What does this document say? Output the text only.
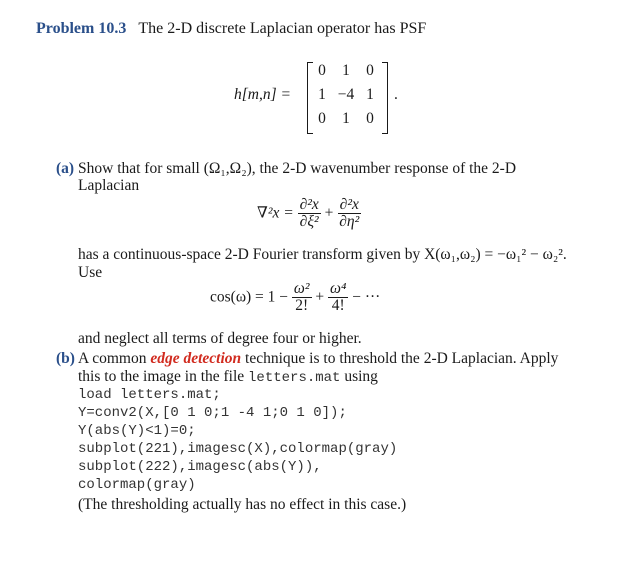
Problem 10.3 The 2-D discrete Laplacian operator has PSF
h[m,n] =
0	1	0
1 −4 1
0	1	0
.
(a) Show that for small (Ω₁,Ω₂), the 2-D wavenumber response of the 2-D
Laplacian
$\nabla^2x = \frac{\text{∂²x}}{\text{∂ξ²}} + \frac{\text{∂²x}}{\text{∂η²}}$
has a continuous-space 2-D Fourier transform given by X(ω₁,ω₂) = −ω₁² − ω₂².
Use
$\cos(\omega) = 1 - \frac{\text{ω²}}{2!} + \frac{\text{ω⁴}}{4!}$ − ···
and neglect all terms of degree four or higher.
(b) A common edge detection technique is to threshold the 2-D Laplacian. Apply
this to the image in the file letters.mat using
load letters.mat;
Y=conv2(X,[0 1 0;1 -4 1;0 1 0]);
Y(abs(Y)<1)=0;
subplot(221),imagesc(X),colormap(gray)
subplot(222),imagesc(abs(Y)),
colormap(gray)
(The thresholding actually has no effect in this case.)
